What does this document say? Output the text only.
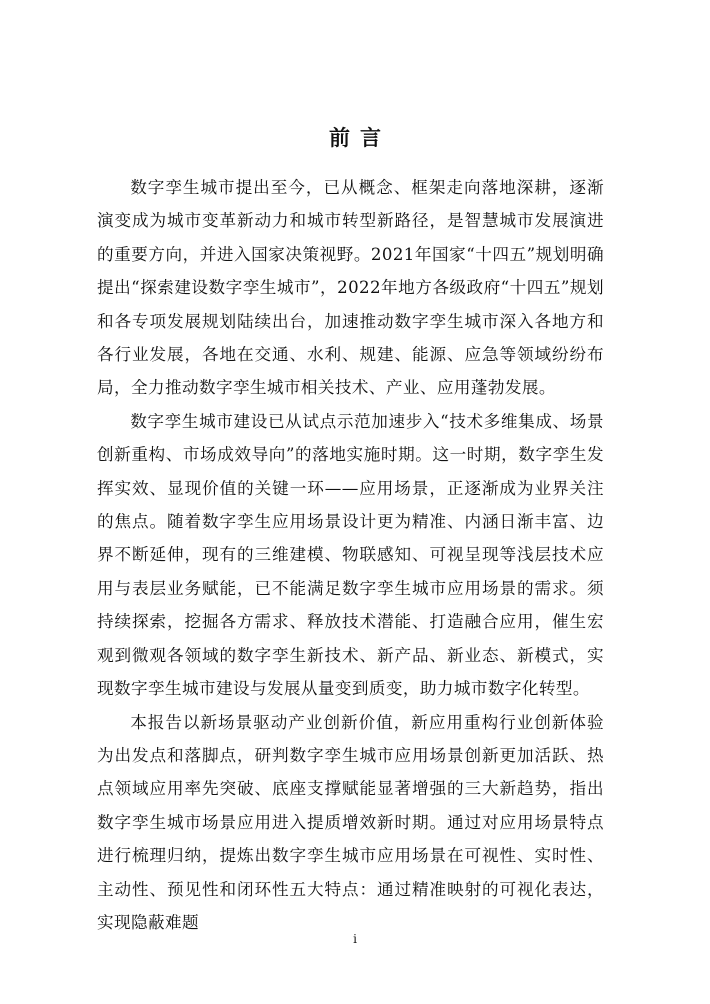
前言

数字孪生城市提出至今，已从概念、框架走向落地深耕，逐渐演变成为城市变革新动力和城市转型新路径，是智慧城市发展演进的重要方向，并进入国家决策视野。2021年国家“十四五”规划明确提出“探索建设数字孪生城市”，2022年地方各级政府“十四五”规划和各专项发展规划陆续出台，加速推动数字孪生城市深入各地方和各行业发展，各地在交通、水利、规建、能源、应急等领域纷纷布局，全力推动数字孪生城市相关技术、产业、应用蓬勃发展。

数字孪生城市建设已从试点示范加速步入“技术多维集成、场景创新重构、市场成效导向”的落地实施时期。这一时期，数字孪生发挥实效、显现价值的关键一环——应用场景，正逐渐成为业界关注的焦点。随着数字孪生应用场景设计更为精准、内涵日渐丰富、边界不断延伸，现有的三维建模、物联感知、可视呈现等浅层技术应用与表层业务赋能，已不能满足数字孪生城市应用场景的需求。须持续探索，挖掘各方需求、释放技术潜能、打造融合应用，催生宏观到微观各领域的数字孪生新技术、新产品、新业态、新模式，实现数字孪生城市建设与发展从量变到质变，助力城市数字化转型。

本报告以新场景驱动产业创新价值，新应用重构行业创新体验为出发点和落脚点，研判数字孪生城市应用场景创新更加活跃、热点领域应用率先突破、底座支撑赋能显著增强的三大新趋势，指出数字孪生城市场景应用进入提质增效新时期。通过对应用场景特点进行梳理归纳，提炼出数字孪生城市应用场景在可视性、实时性、主动性、预见性和闭环性五大特点：通过精准映射的可视化表达，实现隐蔽难题

i
